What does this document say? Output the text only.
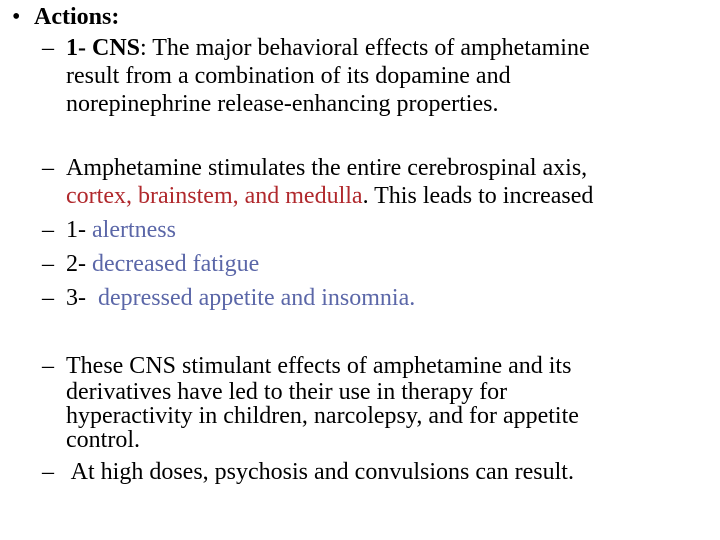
• Actions:
– 1- CNS: The major behavioral effects of amphetamine
result from a combination of its dopamine and
norepinephrine release-enhancing properties.
– Amphetamine stimulates the entire cerebrospinal axis,
cortex, brainstem, and medulla. This leads to increased
– 1- alertness
– 2- decreased fatigue
– 3-  depressed appetite and insomnia.
– These CNS stimulant effects of amphetamine and its
derivatives have led to their use in therapy for
hyperactivity in children, narcolepsy, and for appetite
control.
– At high doses, psychosis and convulsions can result.
